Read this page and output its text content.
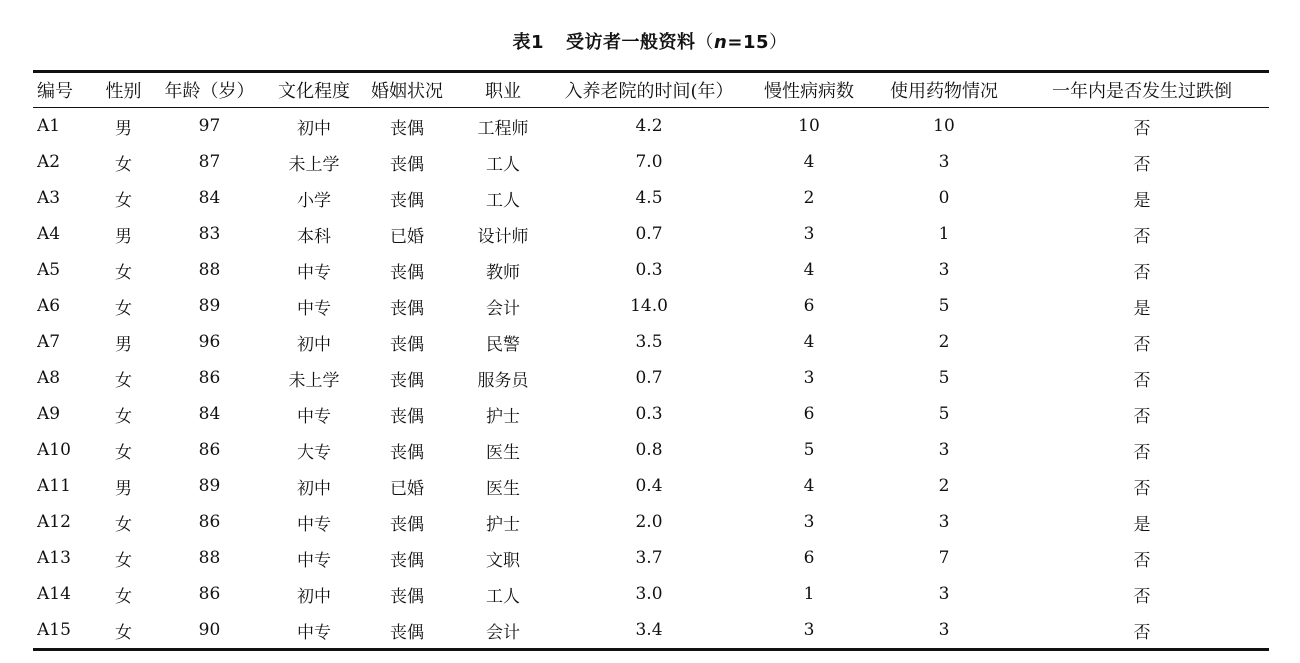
表1 受访者一般资料（n=15）
编号	性别	年龄（岁）	文化程度	婚姻状况	职业	入养老院的时间(年）	慢性病病数	使用药物情况	一年内是否发生过跌倒
A1	男	97	初中	丧偶	工程师	4.2	10	10	否
A2	女	87	未上学	丧偶	工人	7.0	4	3	否
A3	女	84	小学	丧偶	工人	4.5	2	0	是
A4	男	83	本科	已婚	设计师	0.7	3	1	否
A5	女	88	中专	丧偶	教师	0.3	4	3	否
A6	女	89	中专	丧偶	会计	14.0	6	5	是
A7	男	96	初中	丧偶	民警	3.5	4	2	否
A8	女	86	未上学	丧偶	服务员	0.7	3	5	否
A9	女	84	中专	丧偶	护士	0.3	6	5	否
A10	女	86	大专	丧偶	医生	0.8	5	3	否
A11	男	89	初中	已婚	医生	0.4	4	2	否
A12	女	86	中专	丧偶	护士	2.0	3	3	是
A13	女	88	中专	丧偶	文职	3.7	6	7	否
A14	女	86	初中	丧偶	工人	3.0	1	3	否
A15	女	90	中专	丧偶	会计	3.4	3	3	否
